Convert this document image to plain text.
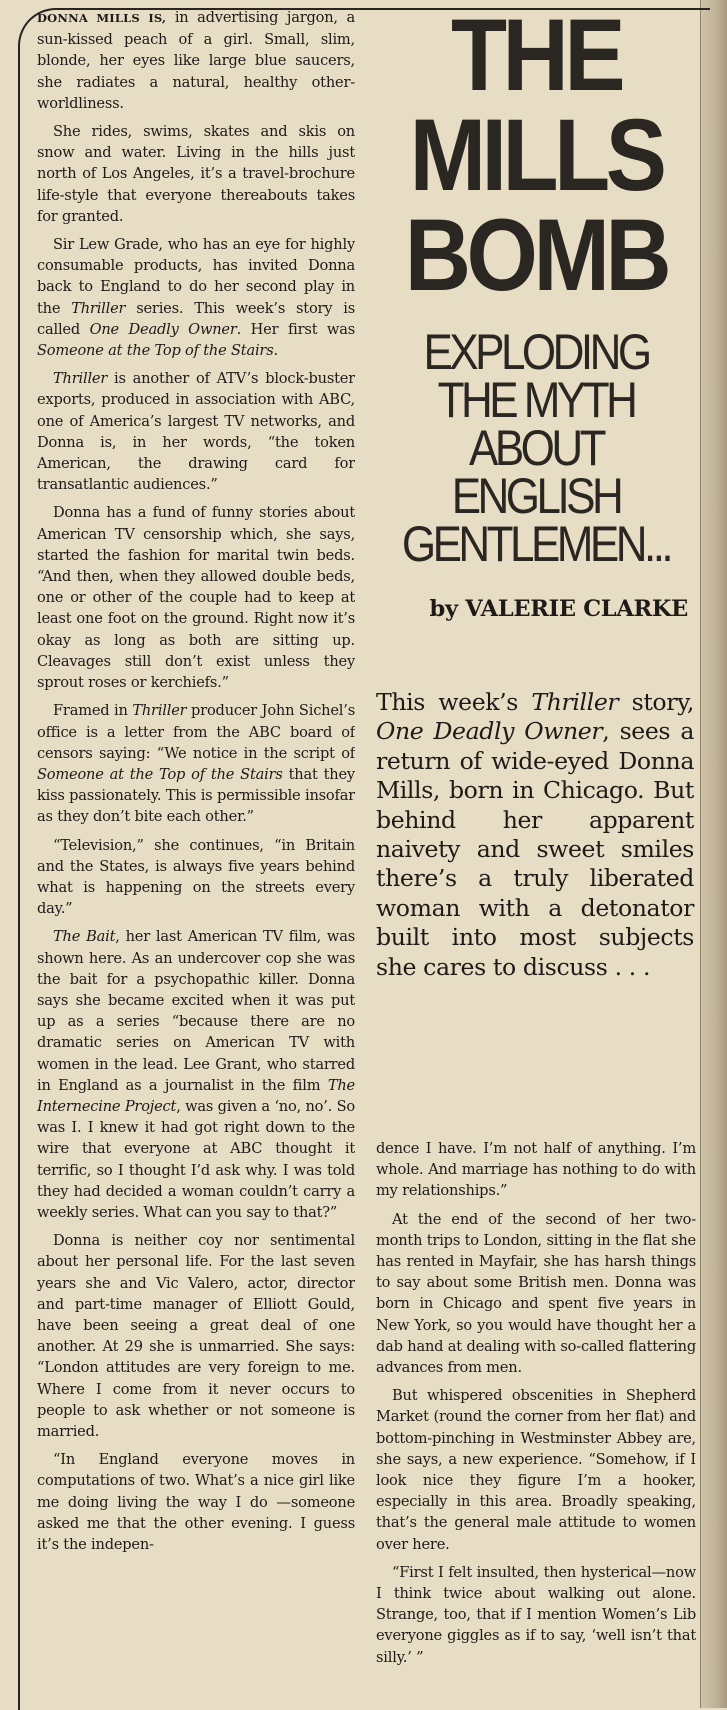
DONNA MILLS IS, in advertising jargon, a sun-kissed peach of a girl. Small, slim, blonde, her eyes like large blue saucers, she radiates a natural, healthy other-worldliness.

She rides, swims, skates and skis on snow and water. Living in the hills just north of Los Angeles, it’s a travel-brochure life-style that everyone thereabouts takes for granted.

Sir Lew Grade, who has an eye for highly consumable products, has invited Donna back to England to do her second play in the Thriller series. This week’s story is called One Deadly Owner. Her first was Someone at the Top of the Stairs.

Thriller is another of ATV’s block-buster exports, produced in association with ABC, one of America’s largest TV networks, and Donna is, in her words, “the token American, the drawing card for transatlantic audiences.”

Donna has a fund of funny stories about American TV censorship which, she says, started the fashion for marital twin beds. “And then, when they allowed double beds, one or other of the couple had to keep at least one foot on the ground. Right now it’s okay as long as both are sitting up. Cleavages still don’t exist unless they sprout roses or kerchiefs.”

Framed in Thriller producer John Sichel’s office is a letter from the ABC board of censors saying: “We notice in the script of Someone at the Top of the Stairs that they kiss passionately. This is permissible insofar as they don’t bite each other.”

“Television,” she continues, “in Britain and the States, is always five years behind what is happening on the streets every day.”

The Bait, her last American TV film, was shown here. As an undercover cop she was the bait for a psychopathic killer. Donna says she became excited when it was put up as a series “because there are no dramatic series on American TV with women in the lead. Lee Grant, who starred in England as a journalist in the film The Internecine Project, was given a ‘no, no’. So was I. I knew it had got right down to the wire that everyone at ABC thought it terrific, so I thought I’d ask why. I was told they had decided a woman couldn’t carry a weekly series. What can you say to that?”

Donna is neither coy nor sentimental about her personal life. For the last seven years she and Vic Valero, actor, director and part-time manager of Elliott Gould, have been seeing a great deal of one another. At 29 she is unmarried. She says: “London attitudes are very foreign to me. Where I come from it never occurs to people to ask whether or not someone is married.

“In England everyone moves in computations of two. What’s a nice girl like me doing living the way I do —someone asked me that the other evening. I guess it’s the indepen-

THE
MILLS
BOMB
EXPLODING
THE MYTH
ABOUT
ENGLISH
GENTLEMEN...
by VALERIE CLARKE
This week’s Thriller story, One Deadly Owner, sees a return of wide-eyed Donna Mills, born in Chicago. But behind her apparent naivety and sweet smiles there’s a truly liberated woman with a detonator built into most subjects she cares to discuss . . .

dence I have. I’m not half of anything. I’m whole. And marriage has nothing to do with my relationships.”

At the end of the second of her two-month trips to London, sitting in the flat she has rented in Mayfair, she has harsh things to say about some British men. Donna was born in Chicago and spent five years in New York, so you would have thought her a dab hand at dealing with so-called flattering advances from men.

But whispered obscenities in Shepherd Market (round the corner from her flat) and bottom-pinching in Westminster Abbey are, she says, a new experience. “Somehow, if I look nice they figure I’m a hooker, especially in this area. Broadly speaking, that’s the general male attitude to women over here.

“First I felt insulted, then hysterical—now I think twice about walking out alone. Strange, too, that if I mention Women’s Lib everyone giggles as if to say, ‘well isn’t that silly.’ ”
